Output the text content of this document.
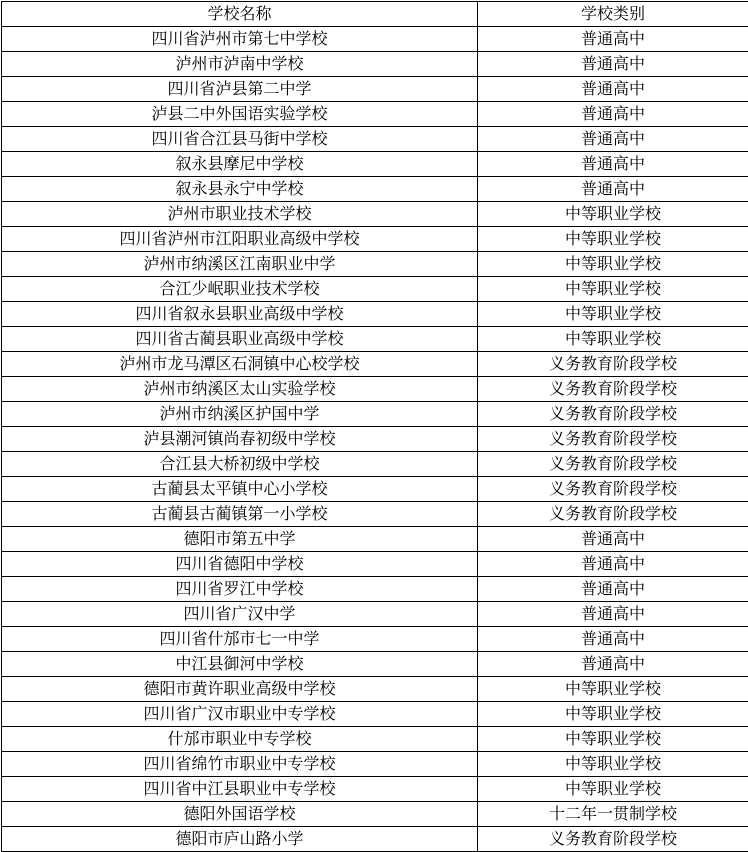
学校名称	学校类别
四川省泸州市第七中学校	普通高中
泸州市泸南中学校	普通高中
四川省泸县第二中学	普通高中
泸县二中外国语实验学校	普通高中
四川省合江县马街中学校	普通高中
叙永县摩尼中学校	普通高中
叙永县永宁中学校	普通高中
泸州市职业技术学校	中等职业学校
四川省泸州市江阳职业高级中学校	中等职业学校
泸州市纳溪区江南职业中学	中等职业学校
合江少岷职业技术学校	中等职业学校
四川省叙永县职业高级中学校	中等职业学校
四川省古蔺县职业高级中学校	中等职业学校
泸州市龙马潭区石洞镇中心校学校	义务教育阶段学校
泸州市纳溪区太山实验学校	义务教育阶段学校
泸州市纳溪区护国中学	义务教育阶段学校
泸县潮河镇尚春初级中学校	义务教育阶段学校
合江县大桥初级中学校	义务教育阶段学校
古蔺县太平镇中心小学校	义务教育阶段学校
古蔺县古蔺镇第一小学校	义务教育阶段学校
德阳市第五中学	普通高中
四川省德阳中学校	普通高中
四川省罗江中学校	普通高中
四川省广汉中学	普通高中
四川省什邡市七一中学	普通高中
中江县御河中学校	普通高中
德阳市黄许职业高级中学校	中等职业学校
四川省广汉市职业中专学校	中等职业学校
什邡市职业中专学校	中等职业学校
四川省绵竹市职业中专学校	中等职业学校
四川省中江县职业中专学校	中等职业学校
德阳外国语学校	十二年一贯制学校
德阳市庐山路小学	义务教育阶段学校
